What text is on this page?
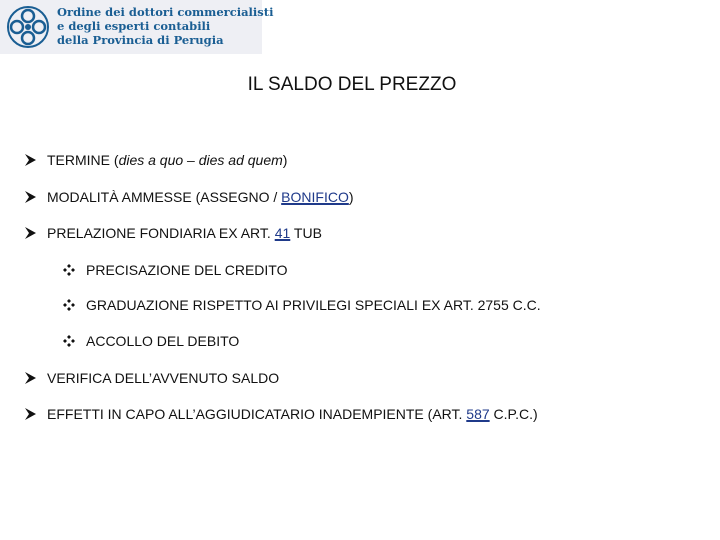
Ordine dei dottori commercialisti
e degli esperti contabili
della Provincia di Perugia
IL SALDO DEL PREZZO
TERMINE (dies a quo – dies ad quem)
MODALITÀ AMMESSE (ASSEGNO / BONIFICO)
PRELAZIONE FONDIARIA EX ART. 41 TUB
PRECISAZIONE DEL CREDITO
GRADUAZIONE RISPETTO AI PRIVILEGI SPECIALI EX ART. 2755 C.C.
ACCOLLO DEL DEBITO
VERIFICA DELL’AVVENUTO SALDO
EFFETTI IN CAPO ALL’AGGIUDICATARIO INADEMPIENTE (ART. 587 C.P.C.)
